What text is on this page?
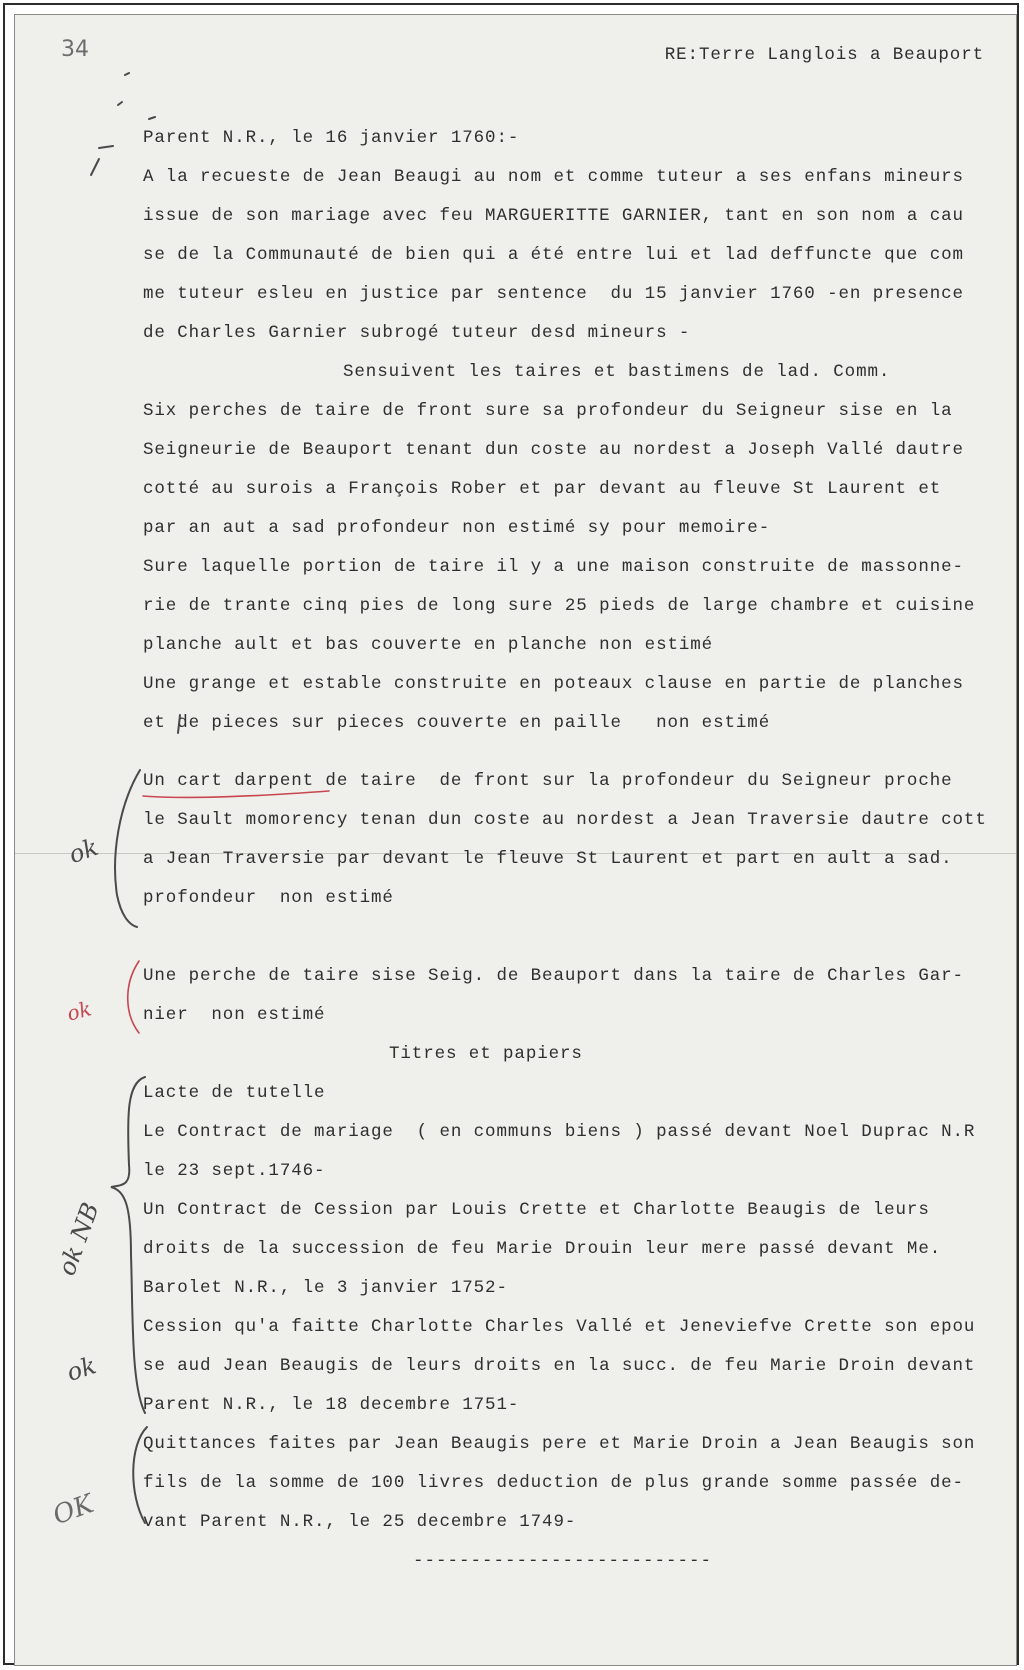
34	RE:Terre Langlois a Beauport
Parent N.R., le 16 janvier 1760:-
A la recueste de Jean Beaugi au nom et comme tuteur a ses enfans mineurs
issue de son mariage avec feu MARGUERITTE GARNIER, tant en son nom a cau
se de la Communauté de bien qui a été entre lui et lad deffuncte que com
me tuteur esleu en justice par sentence  du 15 janvier 1760 -en presence
de Charles Garnier subrogé tuteur desd mineurs -
Sensuivent les taires et bastimens de lad. Comm.
Six perches de taire de front sure sa profondeur du Seigneur sise en la
Seigneurie de Beauport tenant dun coste au nordest a Joseph Vallé dautre
cotté au surois a François Rober et par devant au fleuve St Laurent et
par an aut a sad profondeur non estimé sy pour memoire-
Sure laquelle portion de taire il y a une maison construite de massonne-
rie de trante cinq pies de long sure 25 pieds de large chambre et cuisine
planche ault et bas couverte en planche non estimé
Une grange et estable construite en poteaux clause en partie de planches
et de pieces sur pieces couverte en paille   non estimé
Un cart darpent de taire  de front sur la profondeur du Seigneur proche
le Sault momorency tenan dun coste au nordest a Jean Traversie dautre cott
a Jean Traversie par devant le fleuve St Laurent et part en ault a sad.
profondeur  non estimé
Une perche de taire sise Seig. de Beauport dans la taire de Charles Gar-
nier  non estimé
Titres et papiers
Lacte de tutelle
Le Contract de mariage  ( en communs biens ) passé devant Noel Duprac N.R
le 23 sept.1746-
Un Contract de Cession par Louis Crette et Charlotte Beaugis de leurs
droits de la succession de feu Marie Drouin leur mere passé devant Me.
Barolet N.R., le 3 janvier 1752-
Cession qu'a faitte Charlotte Charles Vallé et Jeneviefve Crette son epou
se aud Jean Beaugis de leurs droits en la succ. de feu Marie Droin devant
Parent N.R., le 18 decembre 1751-
Quittances faites par Jean Beaugis pere et Marie Droin a Jean Beaugis son
fils de la somme de 100 livres deduction de plus grande somme passée de-
vant Parent N.R., le 25 decembre 1749-
--------------------------
ok
ok
ok NB
ok
OK
